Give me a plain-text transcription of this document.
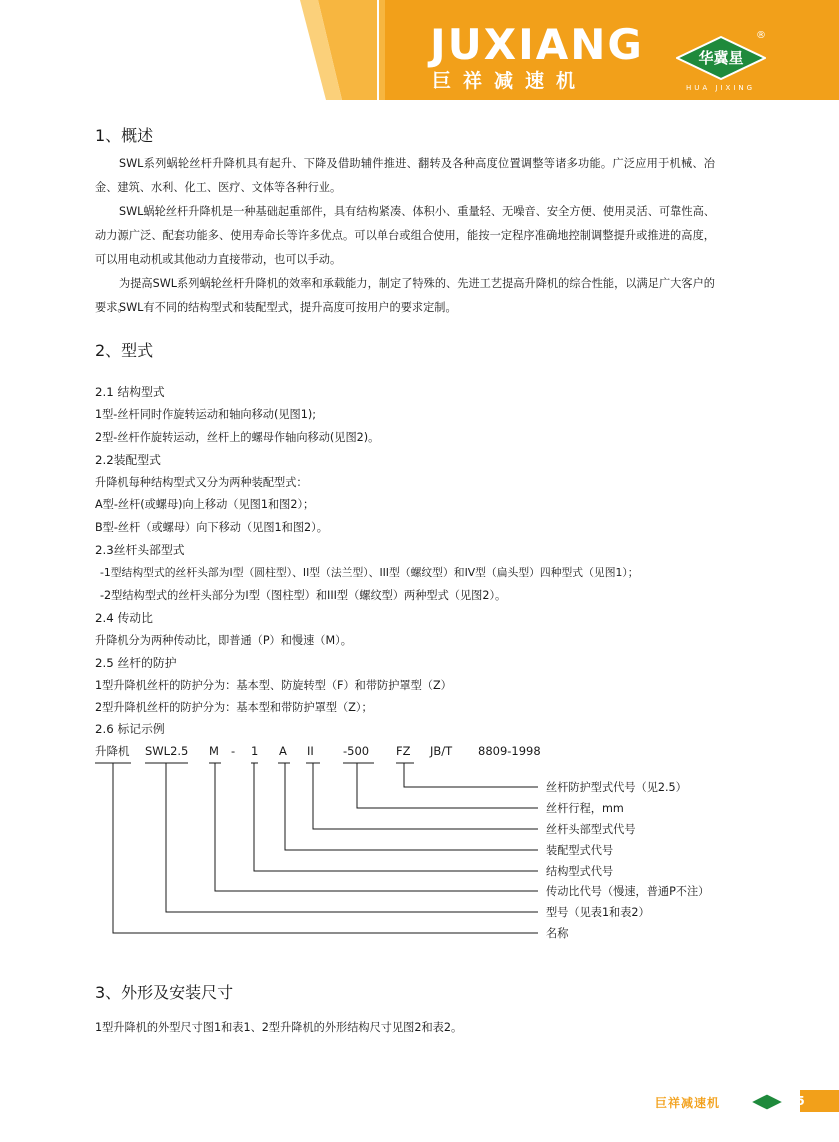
JUXIANG
巨祥减速机
华冀星
®
HUA JIXING
1、概述
SWL系列蜗轮丝杆升降机具有起升、下降及借助辅件推进、翻转及各种高度位置调整等诸多功能。广泛应用于机械、冶金、建筑、水利、化工、医疗、文体等各种行业。
SWL蜗轮丝杆升降机是一种基础起重部件，具有结构紧凑、体积小、重量轻、无噪音、安全方便、使用灵活、可靠性高、动力源广泛、配套功能多、使用寿命长等许多优点。可以单台或组合使用，能按一定程序准确地控制调整提升或推进的高度，可以用电动机或其他动力直接带动，也可以手动。
为提高SWL系列蜗轮丝杆升降机的效率和承载能力，制定了特殊的、先进工艺提高升降机的综合性能，以满足广大客户的要求。
SWL有不同的结构型式和装配型式，提升高度可按用户的要求定制。
2、型式
2.1 结构型式
1型-丝杆同时作旋转运动和轴向移动(见图1);
2型-丝杆作旋转运动，丝杆上的螺母作轴向移动(见图2)。
2.2装配型式
升降机每种结构型式又分为两种装配型式：
A型-丝杆(或螺母)向上移动（见图1和图2）；
B型-丝杆（或螺母）向下移动（见图1和图2）。
2.3丝杆头部型式
-1型结构型式的丝杆头部为I型（圆柱型）、II型（法兰型）、III型（螺纹型）和IV型（扁头型）四种型式（见图1）；
-2型结构型式的丝杆头部分为I型（图柱型）和III型（螺纹型）两种型式（见图2）。
2.4 传动比
升降机分为两种传动比，即普通（P）和慢速（M）。
2.5 丝杆的防护
1型升降机丝杆的防护分为：基本型、防旋转型（F）和带防护罩型（Z）
2型升降机丝杆的防护分为：基本型和带防护罩型（Z）；
2.6 标记示例
升降机 SWL2.5 M - 1 A II	-500 FZ JB/T 8809-1998
丝杆防护型式代号（见2.5）
丝杆行程，mm
丝杆头部型式代号
装配型式代号
结构型式代号
传动比代号（慢速，普通P不注）
型号（见表1和表2）
名称
3、外形及安装尺寸
1型升降机的外型尺寸图1和表1、2型升降机的外形结构尺寸见图2和表2。
巨祥减速机	05
